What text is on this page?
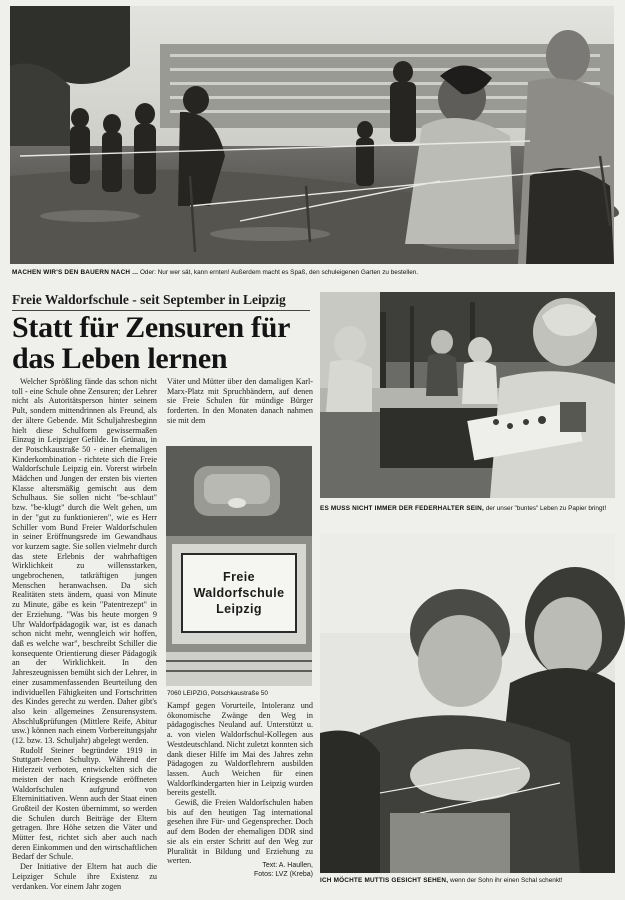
MACHEN WIR'S DEN BAUERN NACH ... Oder: Nur wer sät, kann ernten! Außerdem macht es Spaß, den schuleigenen Garten zu bestellen.
Freie Waldorfschule - seit September in Leipzig
Statt für Zensuren für
das Leben lernen

Welcher Sprößling fände das schon nicht toll - eine Schule ohne Zensuren; der Lehrer nicht als Autoritätsperson hinter seinem Pult, sondern mittendrinnen als Freund, als der ältere Gebende. Mit Schuljahresbeginn hielt diese Schulform gewissermaßen Einzug in Leipziger Gefilde. In Grünau, in der Potschkaustraße 50 - einer ehemaligen Kinderkombination - richtete sich die Freie Waldorfschule Leipzig ein. Vorerst wirbeln Mädchen und Jungen der ersten bis vierten Klasse altersmäßig gemischt aus dem Schulhaus. Sie sollen nicht "be-schlaut" bzw. "be-klugt" durch die Welt gehen, um in der "gut zu funktionieren", wie es Herr Schiller vom Bund Freier Waldorfschulen in seiner Eröffnungsrede im Gewandhaus vor kurzem sagte. Sie sollen vielmehr durch das stete Erlebnis der wahrhaftigen Wirklichkeit zu willensstarken, ungebrochenen, tatkräftigen jungen Menschen heranwachsen. Da sich Realitäten stets ändern, quasi von Minute zu Minute, gäbe es kein "Patentrezept" in der Erziehung. "Was bis heute morgen 9 Uhr Waldorfpädagogik war, ist es danach schon nicht mehr, wenngleich wir hoffen, daß es welche war", beschreibt Schiller die konsequente Orientierung dieser Pädagogik an der Wirklichkeit. In den Jahreszeugnissen bemüht sich der Lehrer, in einer zusammenfassenden Beurteilung den individuellen Fähigkeiten und Fortschritten des Kindes gerecht zu werden. Daher gibt's also kein allgemeines Zensurensystem. Abschlußprüfungen (Mittlere Reife, Abitur usw.) können nach einem Vorbereitungsjahr (12. bzw. 13. Schuljahr) abgelegt werden.

Rudolf Steiner begründete 1919 in Stuttgart-Jenen Schultyp. Während der Hitlerzeit verboten, entwickelten sich die meisten der nach Kriegsende eröffneten Waldorfschulen aufgrund von Elterninitiativen. Wenn auch der Staat einen Großteil der Kosten übernimmt, so werden die Schulen durch Beiträge der Eltern getragen. Ihre Höhe setzen die Väter und Mütter fest, richtet sich aber auch nach deren Einkommen und den wirtschaftlichen Bedarf der Schule.

Der Initiative der Eltern hat auch die Leipziger Schule ihre Existenz zu verdanken. Vor einem Jahr zogen

Väter und Mütter über den damaligen Karl-Marx-Platz mit Spruchbändern, auf denen sie Freie Schulen für mündige Bürger forderten. In den Monaten danach nahmen sie mit dem

Freie
Waldorfschule
Leipzig
7060 LEIPZIG, Potschkaustraße 50

Kampf gegen Vorurteile, Intoleranz und ökonomische Zwänge den Weg in pädagogisches Neuland auf. Unterstützt u. a. von vielen Waldorfschul-Kollegen aus Westdeutschland. Nicht zuletzt konnten sich dank dieser Hilfe im Mai des Jahres zehn Pädagogen zu Waldorflehrern ausbilden lassen. Auch Weichen für einen Waldorfkindergarten hier in Leipzig wurden bereits gestellt.

Gewiß, die Freien Waldorfschulen haben bis auf den heutigen Tag international gesehen ihre Für- und Gegensprecher. Doch auf dem Boden der ehemaligen DDR sind sie als ein erster Schritt auf den Weg zur Pluralität in Bildung und Erziehung zu werten.

Text: A. Haullen,
Fotos: LVZ (Kreba)
ES MUSS NICHT IMMER DER FEDERHALTER SEIN, der unser "buntes" Leben zu Papier bringt!
ICH MÖCHTE MUTTIS GESICHT SEHEN, wenn der Sohn ihr einen Schal schenkt!
